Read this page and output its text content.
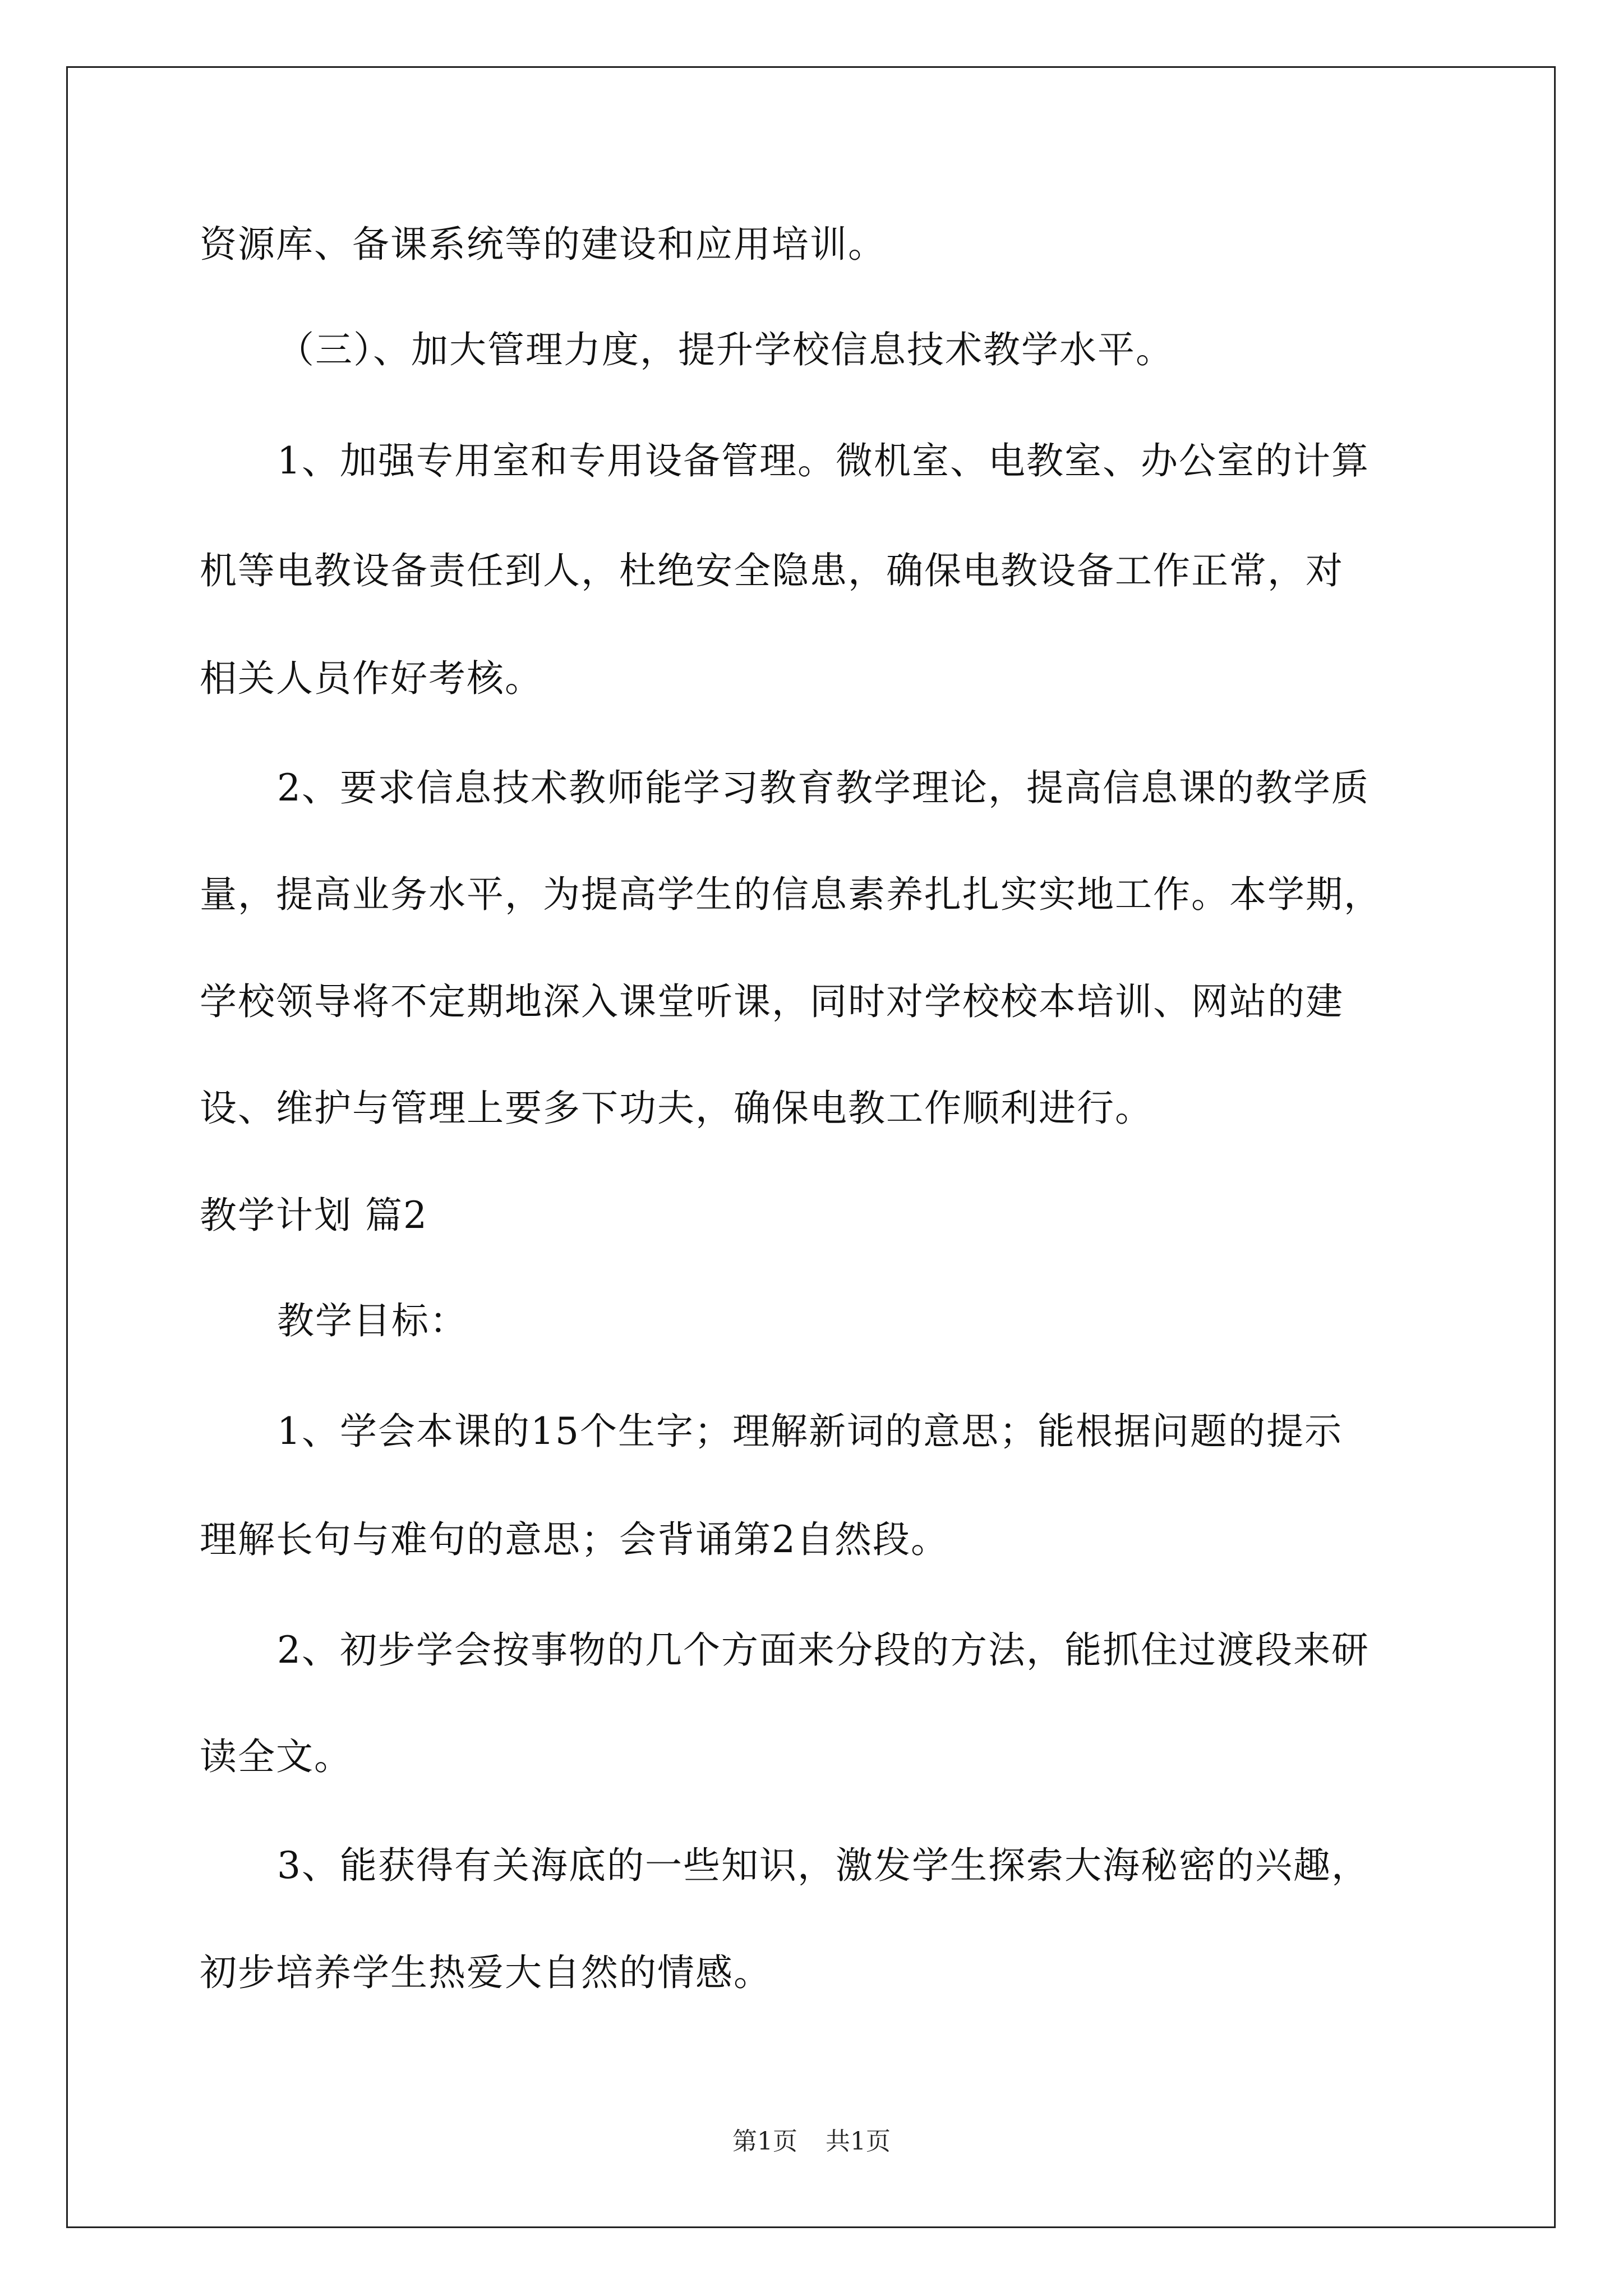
资源库、备课系统等的建设和应用培训。
（三）、加大管理力度，提升学校信息技术教学水平。
1、加强专用室和专用设备管理。微机室、电教室、办公室的计算
机等电教设备责任到人，杜绝安全隐患，确保电教设备工作正常，对
相关人员作好考核。
2、要求信息技术教师能学习教育教学理论，提高信息课的教学质
量，提高业务水平，为提高学生的信息素养扎扎实实地工作。本学期，
学校领导将不定期地深入课堂听课，同时对学校校本培训、网站的建
设、维护与管理上要多下功夫，确保电教工作顺利进行。
教学计划 篇2
教学目标：
1、学会本课的15个生字；理解新词的意思；能根据问题的提示
理解长句与难句的意思；会背诵第2自然段。
2、初步学会按事物的几个方面来分段的方法，能抓住过渡段来研
读全文。
3、能获得有关海底的一些知识，激发学生探索大海秘密的兴趣，
初步培养学生热爱大自然的情感。
第1页 共1页
